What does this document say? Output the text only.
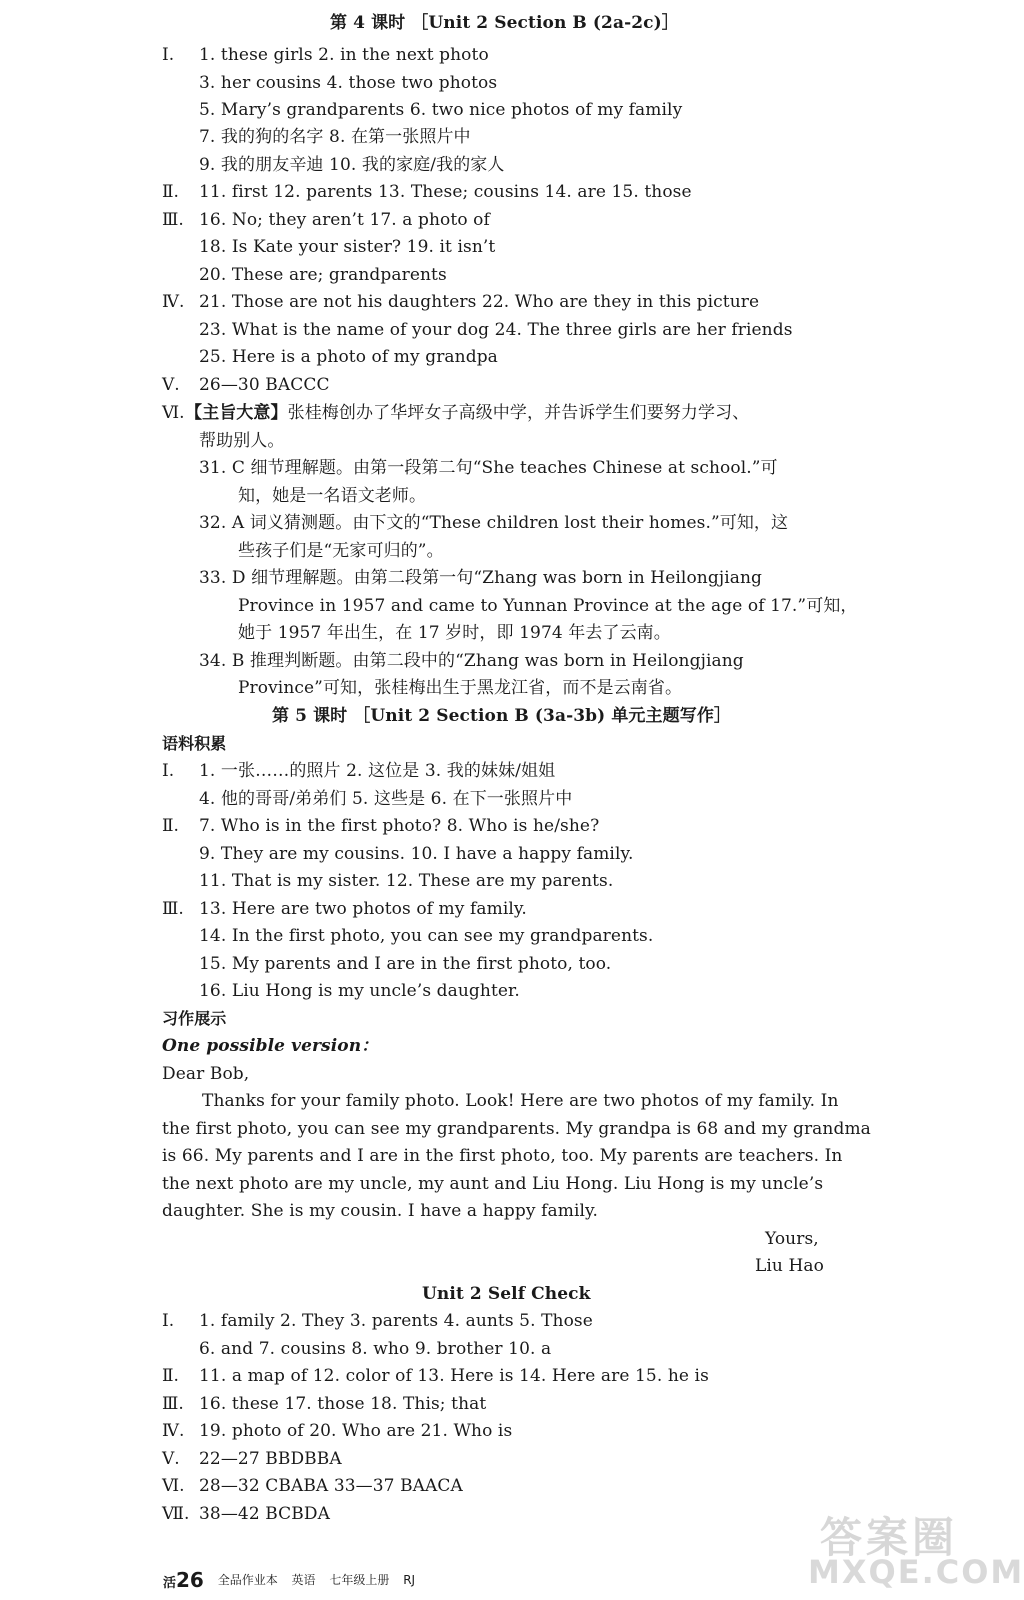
第 4 课时 ［Unit 2 Section B (2a-2c)］
Ⅰ. 1. these girls 2. in the next photo
3. her cousins 4. those two photos
5. Mary’s grandparents 6. two nice photos of my family
7. 我的狗的名字 8. 在第一张照片中
9. 我的朋友辛迪 10. 我的家庭/我的家人
Ⅱ. 11. first 12. parents 13. These; cousins 14. are 15. those
Ⅲ. 16. No; they aren’t 17. a photo of
18. Is Kate your sister? 19. it isn’t
20. These are; grandparents
Ⅳ. 21. Those are not his daughters 22. Who are they in this picture
23. What is the name of your dog 24. The three girls are her friends
25. Here is a photo of my grandpa
Ⅴ. 26—30 BACCC
Ⅵ. 【主旨大意】张桂梅创办了华坪女子高级中学，并告诉学生们要努力学习、
帮助别人。
31. C 细节理解题。由第一段第二句“She teaches Chinese at school.”可
知，她是一名语文老师。
32. A 词义猜测题。由下文的“These children lost their homes.”可知，这
些孩子们是“无家可归的”。
33. D 细节理解题。由第二段第一句“Zhang was born in Heilongjiang
Province in 1957 and came to Yunnan Province at the age of 17.”可知，
她于 1957 年出生，在 17 岁时，即 1974 年去了云南。
34. B 推理判断题。由第二段中的“Zhang was born in Heilongjiang
Province”可知，张桂梅出生于黑龙江省，而不是云南省。
第 5 课时 ［Unit 2 Section B (3a-3b) 单元主题写作］
语料积累
Ⅰ. 1. 一张……的照片 2. 这位是 3. 我的妹妹/姐姐
4. 他的哥哥/弟弟们 5. 这些是 6. 在下一张照片中
Ⅱ. 7. Who is in the first photo? 8. Who is he/she?
9. They are my cousins. 10. I have a happy family.
11. That is my sister. 12. These are my parents.
Ⅲ. 13. Here are two photos of my family.
14. In the first photo, you can see my grandparents.
15. My parents and I are in the first photo, too.
16. Liu Hong is my uncle’s daughter.
习作展示
One possible version：
Dear Bob,
Thanks for your family photo. Look! Here are two photos of my family. In
the first photo, you can see my grandparents. My grandpa is 68 and my grandma
is 66. My parents and I are in the first photo, too. My parents are teachers. In
the next photo are my uncle, my aunt and Liu Hong. Liu Hong is my uncle’s
daughter. She is my cousin. I have a happy family.
Yours,
Liu Hao
Unit 2 Self Check
Ⅰ. 1. family 2. They 3. parents 4. aunts 5. Those
6. and 7. cousins 8. who 9. brother 10. a
Ⅱ. 11. a map of 12. color of 13. Here is 14. Here are 15. he is
Ⅲ. 16. these 17. those 18. This; that
Ⅳ. 19. photo of 20. Who are 21. Who is
Ⅴ. 22—27 BBDBBA
Ⅵ. 28—32 CBABA 33—37 BAACA
Ⅶ. 38—42 BCBDA	答案圈
MXQE.COM
活26 全品作业本 英语 七年级上册 RJ
